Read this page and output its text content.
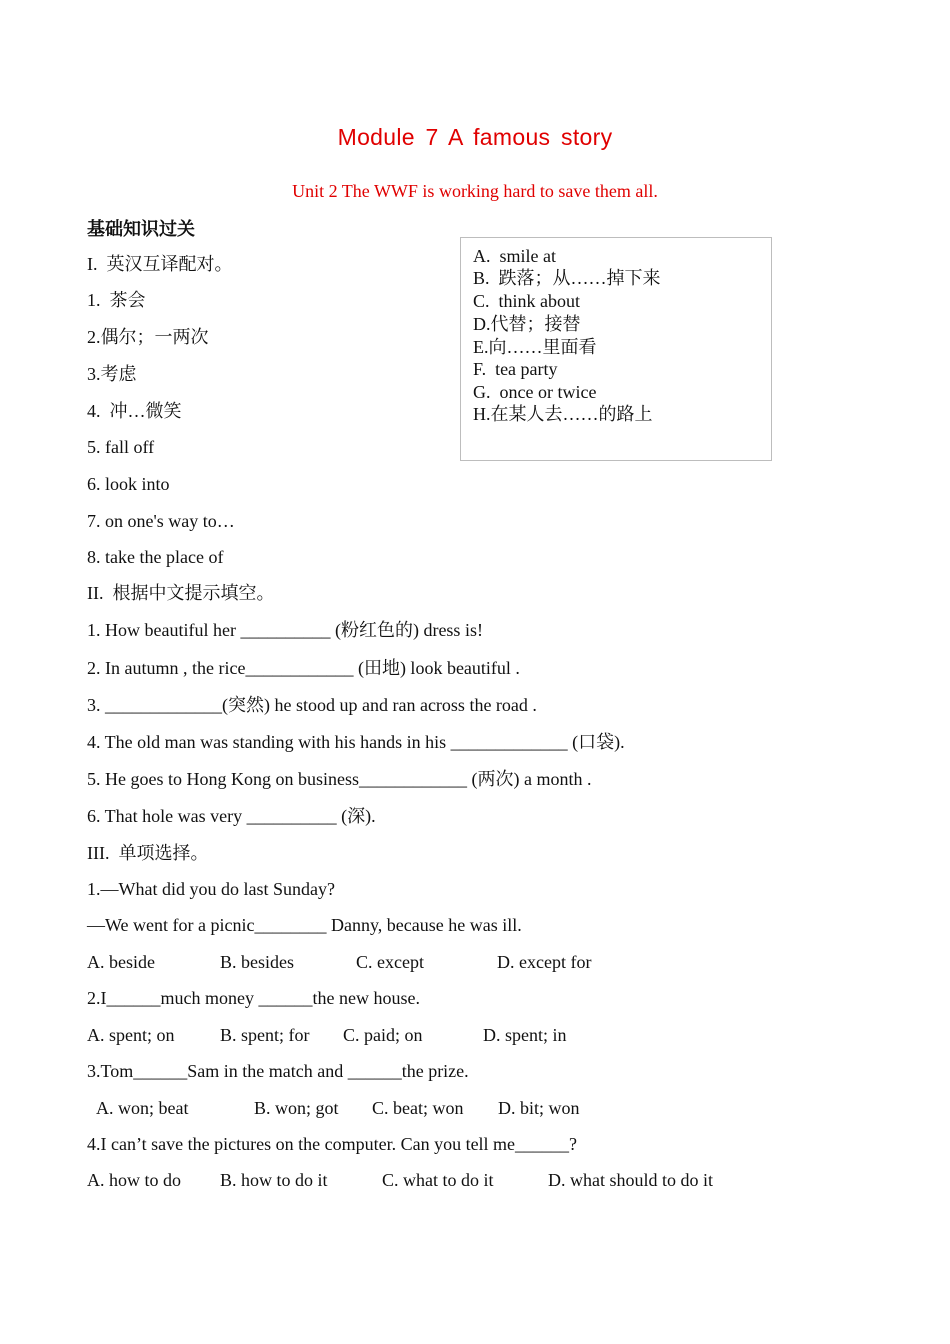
Module 7 A famous story
Unit 2 The WWF is working hard to save them all.
基础知识过关
I.  英汉互译配对。
1.  茶会
2.偶尔；一两次
3.考虑
4.  冲…微笑
5. fall off
6. look into
7. on one's way to…
8. take the place of
A.  smile at
B.  跌落；从……掉下来
C.  think about
D.代替；接替
E.向……里面看
F.  tea party
G.  once or twice
H.在某人去……的路上
II.  根据中文提示填空。
1. How beautiful her __________ (粉红色的) dress is!
2. In autumn , the rice____________ (田地) look beautiful .
3. _____________(突然) he stood up and ran across the road .
4. The old man was standing with his hands in his _____________ (口袋).
5. He goes to Hong Kong on business____________ (两次) a month .
6. That hole was very __________ (深).
III.  单项选择。
1.—What did you do last Sunday?
—We went for a picnic________ Danny, because he was ill.
A. beside	B. besides	C. except	D. except for
2.I______much money ______the new house.
A. spent; on	B. spent; for C. paid; on	D. spent; in
3.Tom______Sam in the match and ______the prize.
A. won; beat	B. won; got C. beat; won D. bit; won
4.I can’t save the pictures on the computer. Can you tell me______?
A. how to do B. how to do it	C. what to do it	D. what should to do it
